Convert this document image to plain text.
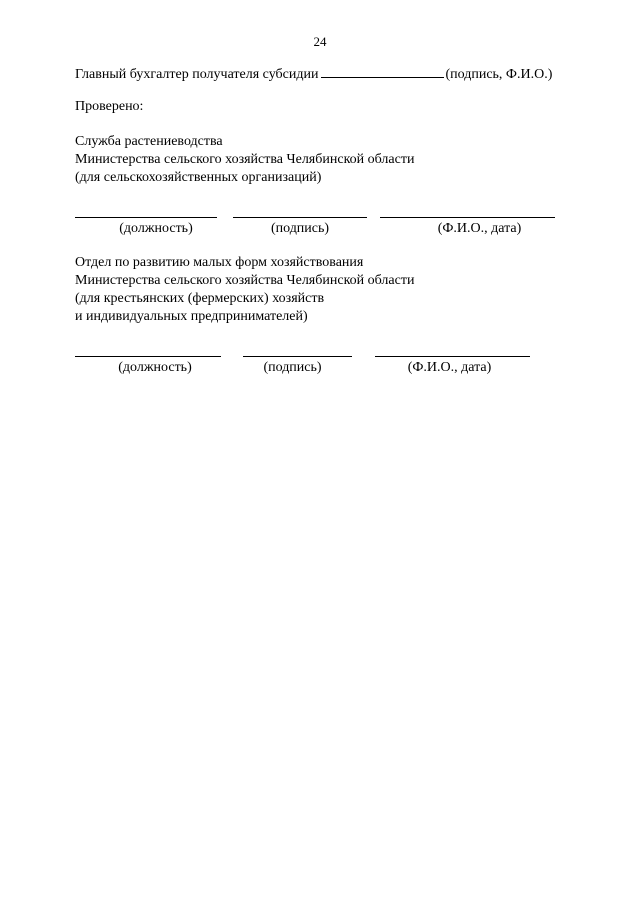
24
Главный бухгалтер получателя субсидии	(подпись, Ф.И.О.)
Проверено:
Служба растениеводства
Министерства сельского хозяйства Челябинской области
(для сельскохозяйственных организаций)
(должность)	(подпись)	(Ф.И.О., дата)
Отдел по развитию малых форм хозяйствования
Министерства сельского хозяйства Челябинской области
(для крестьянских (фермерских) хозяйств
и индивидуальных предпринимателей)
(должность)	(подпись)	(Ф.И.О., дата)
